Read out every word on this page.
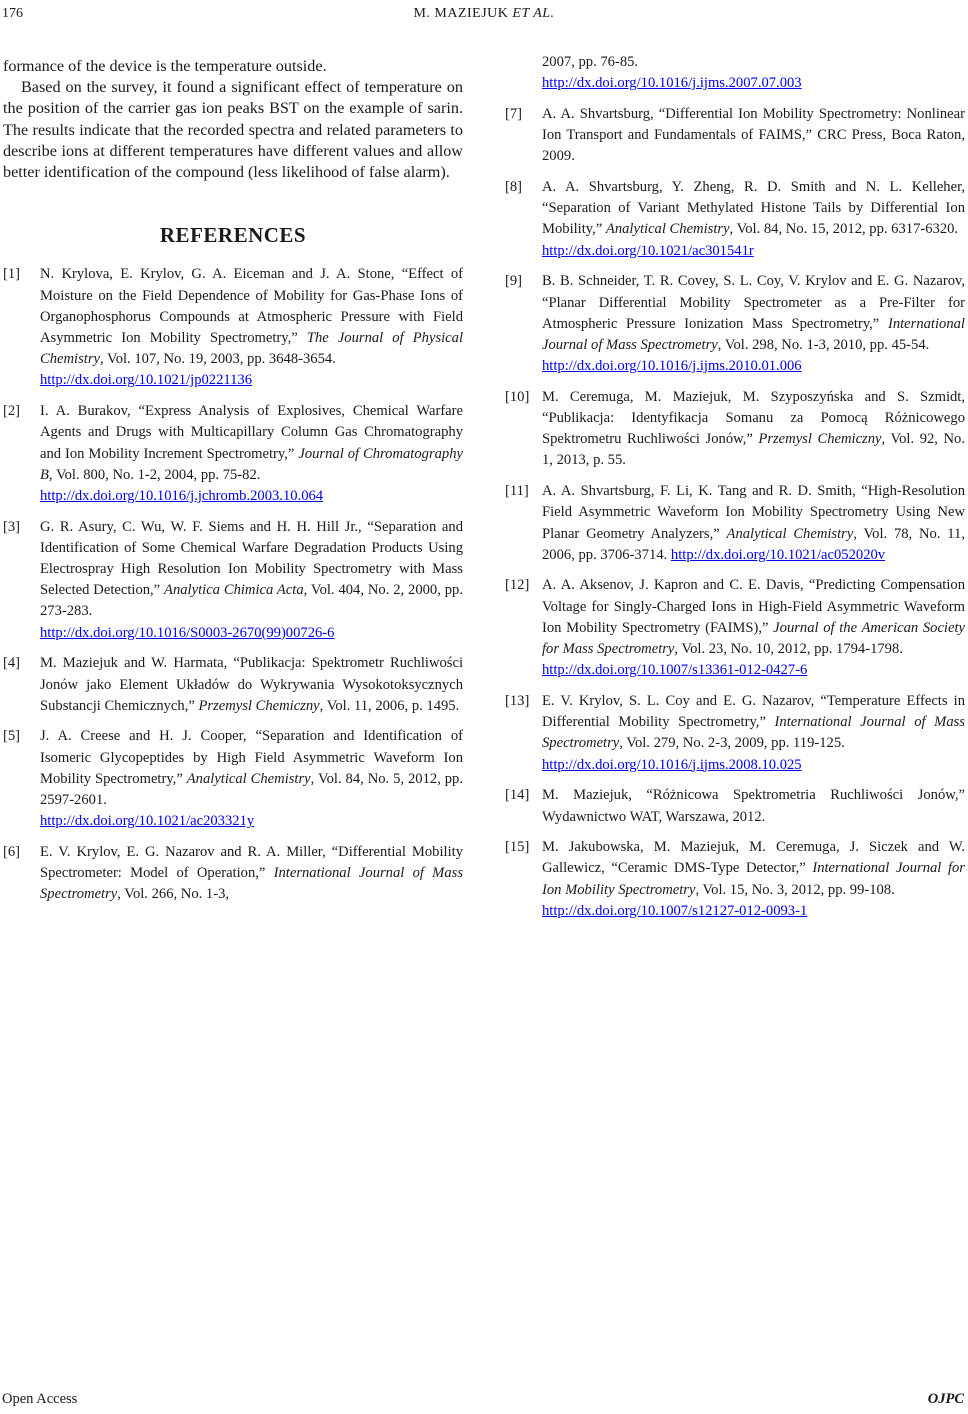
176	M. MAZIEJUK ET AL.

formance of the device is the temperature outside.

Based on the survey, it found a significant effect of temperature on the position of the carrier gas ion peaks BST on the example of sarin. The results indicate that the recorded spectra and related parameters to describe ions at different temperatures have different values and allow better identification of the compound (less likelihood of false alarm).

REFERENCES
[1]	N. Krylova, E. Krylov, G. A. Eiceman and J. A. Stone, “Effect of Moisture on the Field Dependence of Mobility for Gas-Phase Ions of Organophosphorus Compounds at Atmospheric Pressure with Field Asymmetric Ion Mobility Spectrometry,” The Journal of Physical Chemistry, Vol. 107, No. 19, 2003, pp. 3648-3654.
http://dx.doi.org/10.1021/jp0221136
[2]	I. A. Burakov, “Express Analysis of Explosives, Chemical Warfare Agents and Drugs with Multicapillary Column Gas Chromatography and Ion Mobility Increment Spectrometry,” Journal of Chromatography B, Vol. 800, No. 1-2, 2004, pp. 75-82.
http://dx.doi.org/10.1016/j.jchromb.2003.10.064
[3]	G. R. Asury, C. Wu, W. F. Siems and H. H. Hill Jr., “Separation and Identification of Some Chemical Warfare Degradation Products Using Electrospray High Resolution Ion Mobility Spectrometry with Mass Selected Detection,” Analytica Chimica Acta, Vol. 404, No. 2, 2000, pp. 273-283.
http://dx.doi.org/10.1016/S0003-2670(99)00726-6
[4]	M. Maziejuk and W. Harmata, “Publikacja: Spektrometr Ruchliwości Jonów jako Element Układów do Wykrywania Wysokotoksycznych Substancji Chemicznych,” Przemysl Chemiczny, Vol. 11, 2006, p. 1495.
[5]	J. A. Creese and H. J. Cooper, “Separation and Identification of Isomeric Glycopeptides by High Field Asymmetric Waveform Ion Mobility Spectrometry,” Analytical Chemistry, Vol. 84, No. 5, 2012, pp. 2597-2601.
http://dx.doi.org/10.1021/ac203321y
[6]	E. V. Krylov, E. G. Nazarov and R. A. Miller, “Differential Mobility Spectrometer: Model of Operation,” International Journal of Mass Spectrometry, Vol. 266, No. 1-3,
2007, pp. 76-85.
http://dx.doi.org/10.1016/j.ijms.2007.07.003
[7]	A. A. Shvartsburg, “Differential Ion Mobility Spectrometry: Nonlinear Ion Transport and Fundamentals of FAIMS,” CRC Press, Boca Raton, 2009.
[8]	A. A. Shvartsburg, Y. Zheng, R. D. Smith and N. L. Kelleher, “Separation of Variant Methylated Histone Tails by Differential Ion Mobility,” Analytical Chemistry, Vol. 84, No. 15, 2012, pp. 6317-6320.
http://dx.doi.org/10.1021/ac301541r
[9]	B. B. Schneider, T. R. Covey, S. L. Coy, V. Krylov and E. G. Nazarov, “Planar Differential Mobility Spectrometer as a Pre-Filter for Atmospheric Pressure Ionization Mass Spectrometry,” International Journal of Mass Spectrometry, Vol. 298, No. 1-3, 2010, pp. 45-54.
http://dx.doi.org/10.1016/j.ijms.2010.01.006
[10] M. Ceremuga, M. Maziejuk, M. Szyposzyńska and S. Szmidt, “Publikacja: Identyfikacja Somanu za Pomocą Różnicowego Spektrometru Ruchliwości Jonów,” Przemysl Chemiczny, Vol. 92, No. 1, 2013, p. 55.
[11] A. A. Shvartsburg, F. Li, K. Tang and R. D. Smith, “High-Resolution Field Asymmetric Waveform Ion Mobility Spectrometry Using New Planar Geometry Analyzers,” Analytical Chemistry, Vol. 78, No. 11, 2006, pp. 3706-3714. http://dx.doi.org/10.1021/ac052020v
[12] A. A. Aksenov, J. Kapron and C. E. Davis, “Predicting Compensation Voltage for Singly-Charged Ions in High-Field Asymmetric Waveform Ion Mobility Spectrometry (FAIMS),” Journal of the American Society for Mass Spectrometry, Vol. 23, No. 10, 2012, pp. 1794-1798.
http://dx.doi.org/10.1007/s13361-012-0427-6
[13] E. V. Krylov, S. L. Coy and E. G. Nazarov, “Temperature Effects in Differential Mobility Spectrometry,” International Journal of Mass Spectrometry, Vol. 279, No. 2-3, 2009, pp. 119-125.
http://dx.doi.org/10.1016/j.ijms.2008.10.025
[14] M. Maziejuk, “Różnicowa Spektrometria Ruchliwości Jonów,” Wydawnictwo WAT, Warszawa, 2012.
[15] M. Jakubowska, M. Maziejuk, M. Ceremuga, J. Siczek and W. Gallewicz, “Ceramic DMS-Type Detector,” International Journal for Ion Mobility Spectrometry, Vol. 15, No. 3, 2012, pp. 99-108.
http://dx.doi.org/10.1007/s12127-012-0093-1
Open Access	OJPC
